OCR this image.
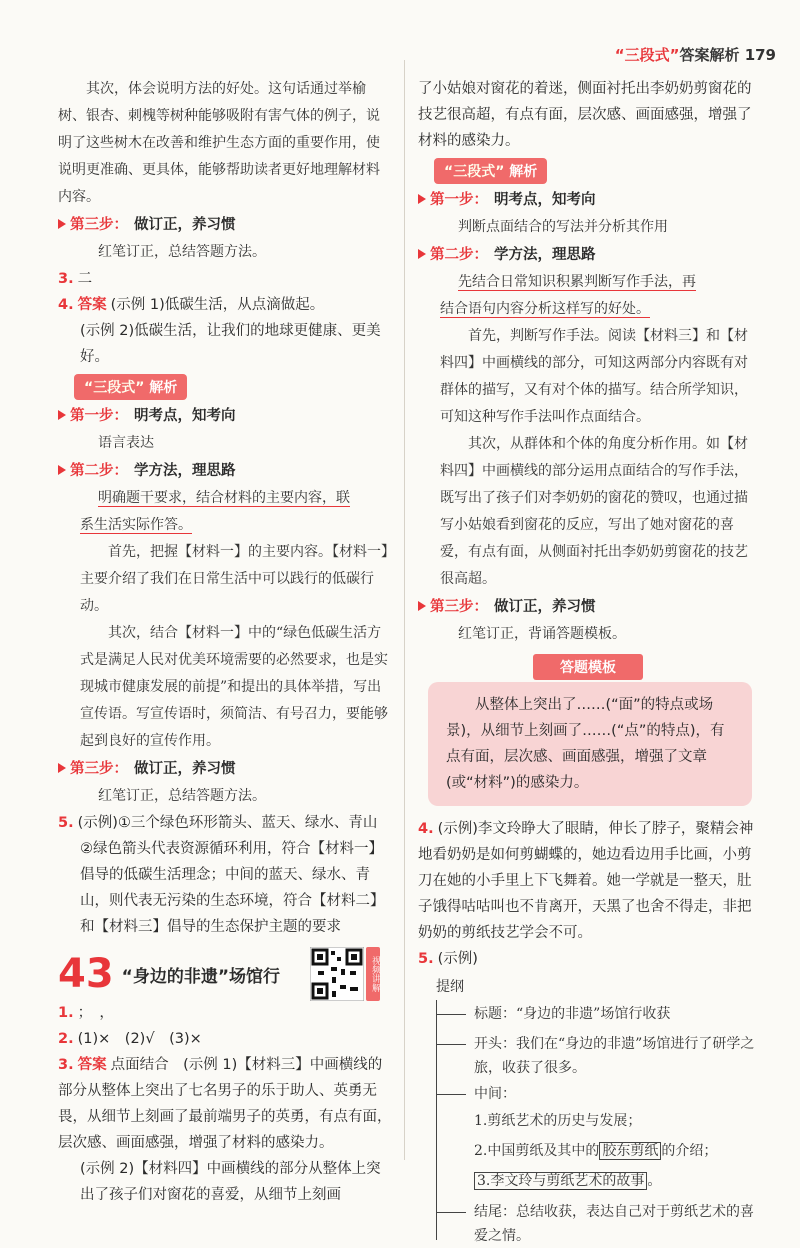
“三段式”答案解析 179

其次，体会说明方法的好处。这句话通过举榆树、银杏、刺槐等树种能够吸附有害气体的例子，说明了这些树木在改善和维护生态方面的重要作用，使说明更准确、更具体，能够帮助读者更好地理解材料内容。

第三步： 做订正，养习惯

红笔订正，总结答题方法。

3. 二

4. 答案 (示例 1)低碳生活，从点滴做起。

(示例 2)低碳生活，让我们的地球更健康、更美好。

“三段式” 解析

第一步： 明考点，知考向

语言表达

第二步： 学方法，理思路

明确题干要求，结合材料的主要内容，联

系生活实际作答。

首先，把握【材料一】的主要内容。【材料一】主要介绍了我们在日常生活中可以践行的低碳行动。

其次，结合【材料一】中的“绿色低碳生活方式是满足人民对优美环境需要的必然要求，也是实现城市健康发展的前提”和提出的具体举措，写出宣传语。写宣传语时，须简洁、有号召力，要能够起到良好的宣传作用。

第三步： 做订正，养习惯

红笔订正，总结答题方法。

5. (示例)①三个绿色环形箭头、蓝天、绿水、青山

②绿色箭头代表资源循环利用，符合【材料一】倡导的低碳生活理念；中间的蓝天、绿水、青山，则代表无污染的生态环境，符合【材料二】和【材料三】倡导的生态保护主题的要求

43 “身边的非遗”场馆行	视频讲解

1. ；　，

2. (1)×　(2)√　(3)×

3. 答案 点面结合　(示例 1)【材料三】中画横线的部分从整体上突出了七名男子的乐于助人、英勇无畏，从细节上刻画了最前端男子的英勇，有点有面，层次感、画面感强，增强了材料的感染力。

(示例 2)【材料四】中画横线的部分从整体上突出了孩子们对窗花的喜爱，从细节上刻画

了小姑娘对窗花的着迷，侧面衬托出李奶奶剪窗花的技艺很高超，有点有面，层次感、画面感强，增强了材料的感染力。

“三段式” 解析

第一步： 明考点，知考向

判断点面结合的写法并分析其作用

第二步： 学方法，理思路

先结合日常知识积累判断写作手法，再

结合语句内容分析这样写的好处。

首先，判断写作手法。阅读【材料三】和【材料四】中画横线的部分，可知这两部分内容既有对群体的描写，又有对个体的描写。结合所学知识，可知这种写作手法叫作点面结合。

其次，从群体和个体的角度分析作用。如【材料四】中画横线的部分运用点面结合的写作手法，既写出了孩子们对李奶奶的窗花的赞叹，也通过描写小姑娘看到窗花的反应，写出了她对窗花的喜爱，有点有面，从侧面衬托出李奶奶剪窗花的技艺很高超。

第三步： 做订正，养习惯

红笔订正，背诵答题模板。

答题模板

从整体上突出了……(“面”的特点或场景)，从细节上刻画了……(“点”的特点)，有点有面，层次感、画面感强，增强了文章(或“材料”)的感染力。

4. (示例)李文玲睁大了眼睛，伸长了脖子，聚精会神地看奶奶是如何剪蝴蝶的，她边看边用手比画，小剪刀在她的小手里上下飞舞着。她一学就是一整天，肚子饿得咕咕叫也不肯离开，天黑了也舍不得走，非把奶奶的剪纸技艺学会不可。

5. (示例)

提纲
标题：“身边的非遗”场馆行收获
开头：我们在“身边的非遗”场馆进行了研学之旅，收获了很多。
中间：
1.剪纸艺术的历史与发展；
2.中国剪纸及其中的 胶东剪纸 的介绍；
3.李文玲与剪纸艺术的故事 。
结尾：总结收获，表达自己对于剪纸艺术的喜爱之情。
